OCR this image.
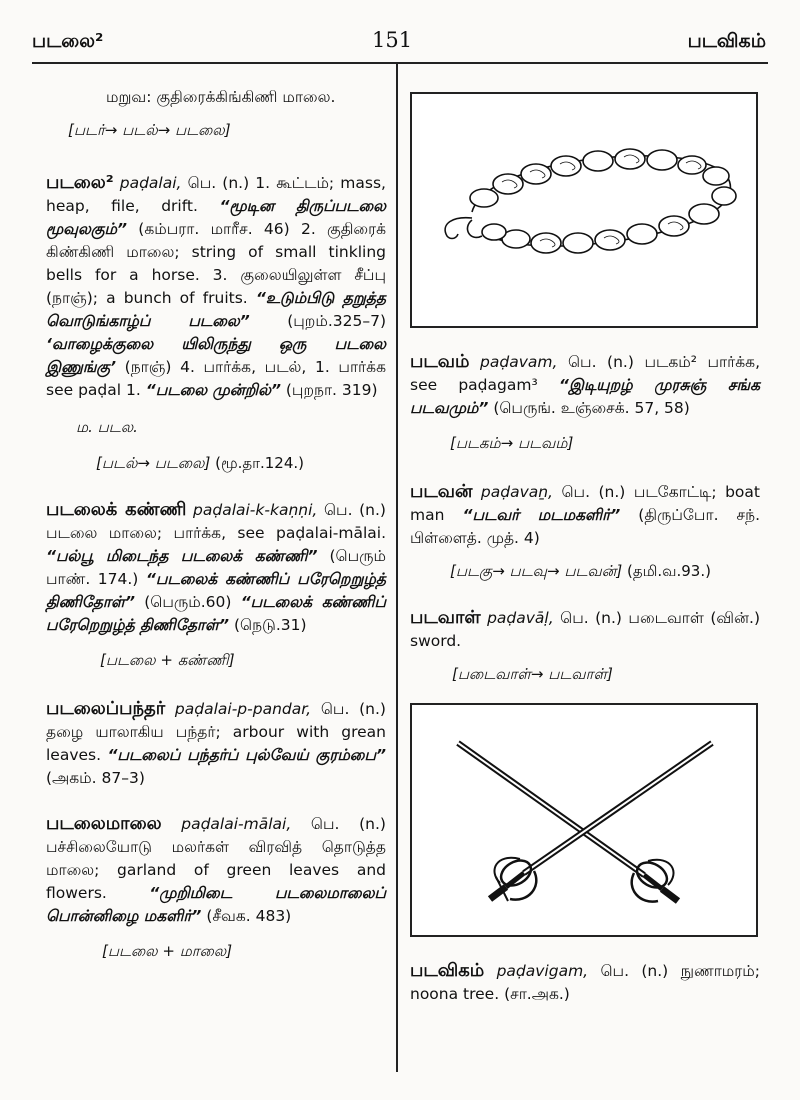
படலை²	151	படவிகம்

மறுவ: குதிரைக்கிங்கிணி மாலை.

[படர்→ படல்→ படலை]

படலை² paḍalai, பெ. (n.) 1. கூட்டம்; mass, heap, file, drift. “மூடின திருப்படலை மூவுலகும்” (கம்பரா. மாரீச. 46) 2. குதிரைக் கிண்கிணி மாலை; string of small tinkling bells for a horse. 3. குலையிலுள்ள சீப்பு (நாஞ்); a bunch of fruits. “உடும்பிடு தறுத்த வொடுங்காழ்ப் படலை” (புறம்.325–7) ‘வாழைக்குலை யிலிருந்து ஒரு படலை இணுங்கு’ (நாஞ்) 4. பார்க்க, படல், 1. பார்க்க see paḍal 1. “படலை முன்றில்” (புறநா. 319)

ம. படல.

[படல்→ படலை] (மூ.தா.124.)

படலைக் கண்ணி paḍalai-k-kaṇṇi, பெ. (n.) படலை மாலை; பார்க்க, see paḍalai-mālai. “பல்பூ மிடைந்த படலைக் கண்ணி” (பெரும் பாண். 174.) “படலைக் கண்ணிப் பரேறெறுழ்த் திணிதோள்” (பெரும்.60) “படலைக் கண்ணிப் பரேறெறுழ்த் திணிதோள்” (நெடு.31)

[படலை + கண்ணி]

படலைப்பந்தர் paḍalai-p-pandar, பெ. (n.) தழை யாலாகிய பந்தர்; arbour with grean leaves. “படலைப் பந்தர்ப் புல்வேய் குரம்பை” (அகம். 87–3)
படலைமாலை paḍalai-mālai, பெ. (n.) பச்சிலையோடு மலர்கள் விரவித் தொடுத்த மாலை; garland of green leaves and flowers.	“முறிமிடை படலைமாலைப் பொன்னிழை மகளிர்” (சீவக. 483)

[படலை + மாலை]

படவம் paḍavam, பெ. (n.) படகம்² பார்க்க, see paḍagam³ “இடியுறழ் முரசுஞ் சங்க படவமும்” (பெருங். உஞ்சைக். 57, 58)

[படகம்→ படவம்]

படவன் paḍavaṉ, பெ. (n.) படகோட்டி; boat man “படவர் மடமகளிர்” (திருப்போ. சந். பிள்ளைத். முத். 4)

[படகு→ படவு→ படவன்] (தமி.வ.93.)

படவாள் paḍavāḷ, பெ. (n.) படைவாள் (வின்.) sword.

[படைவாள்→ படவாள்]

படவிகம் paḍavigam, பெ. (n.) நுணாமரம்; noona tree. (சா.அக.)
